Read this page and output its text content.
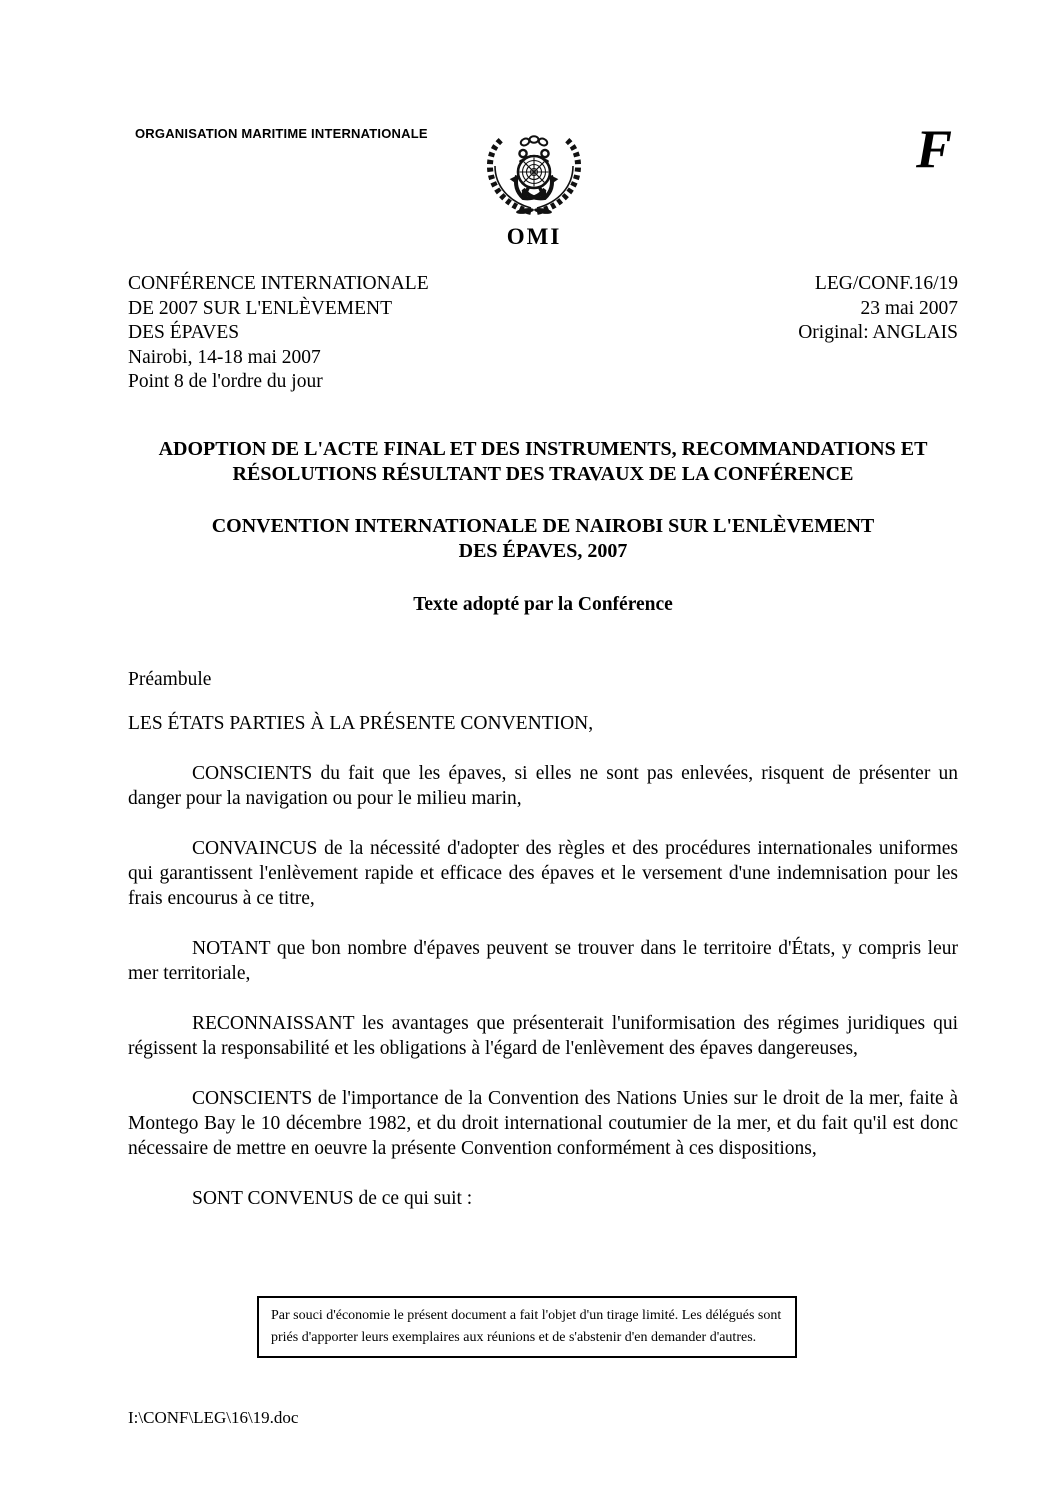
ORGANISATION MARITIME INTERNATIONALE
OMI
F
CONFÉRENCE INTERNATIONALE
DE 2007 SUR L'ENLÈVEMENT
DES ÉPAVES
Nairobi, 14-18 mai 2007
Point 8 de l'ordre du jour
LEG/CONF.16/19
23 mai 2007
Original: ANGLAIS
ADOPTION DE L'ACTE FINAL ET DES INSTRUMENTS, RECOMMANDATIONS ET
RÉSOLUTIONS RÉSULTANT DES TRAVAUX DE LA CONFÉRENCE
CONVENTION INTERNATIONALE DE NAIROBI SUR L'ENLÈVEMENT
DES ÉPAVES, 2007
Texte adopté par la Conférence
Préambule
LES ÉTATS PARTIES À LA PRÉSENTE CONVENTION,

CONSCIENTS du fait que les épaves, si elles ne sont pas enlevées, risquent de présenter un danger pour la navigation ou pour le milieu marin,

CONVAINCUS de la nécessité d'adopter des règles et des procédures internationales uniformes qui garantissent l'enlèvement rapide et efficace des épaves et le versement d'une indemnisation pour les frais encourus à ce titre,

NOTANT que bon nombre d'épaves peuvent se trouver dans le territoire d'États, y compris leur mer territoriale,

RECONNAISSANT les avantages que présenterait l'uniformisation des régimes juridiques qui régissent la responsabilité et les obligations à l'égard de l'enlèvement des épaves dangereuses,

CONSCIENTS de l'importance de la Convention des Nations Unies sur le droit de la mer, faite à Montego Bay le 10 décembre 1982, et du droit international coutumier de la mer, et du fait qu'il est donc nécessaire de mettre en oeuvre la présente Convention conformément à ces dispositions,

SONT CONVENUS de ce qui suit :
Par souci d'économie le présent document a fait l'objet d'un tirage limité. Les délégués sont priés d'apporter leurs exemplaires aux réunions et de s'abstenir d'en demander d'autres.
I:\CONF\LEG\16\19.doc
